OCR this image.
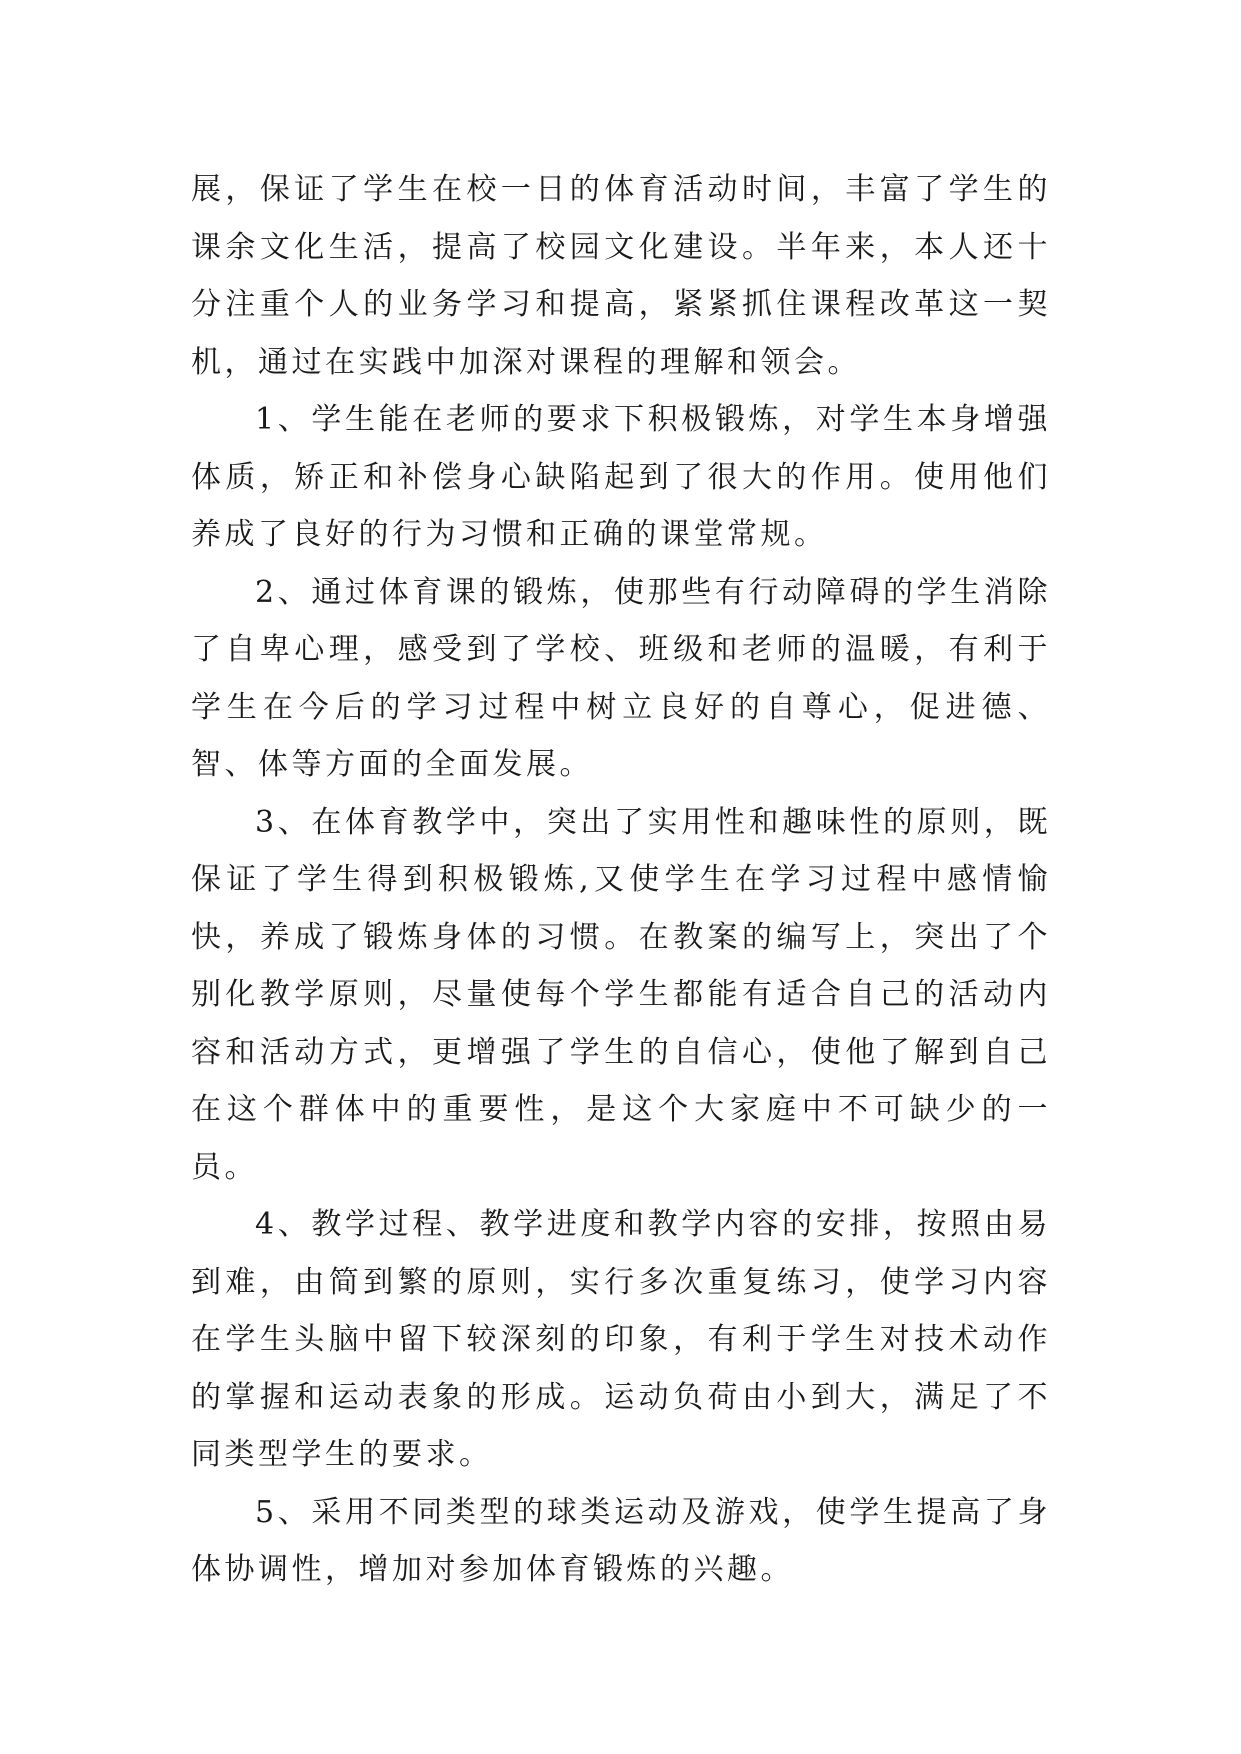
展，保证了学生在校一日的体育活动时间，丰富了学生的课余文化生活，提高了校园文化建设。半年来，本人还十分注重个人的业务学习和提高，紧紧抓住课程改革这一契机，通过在实践中加深对课程的理解和领会。

1、学生能在老师的要求下积极锻炼，对学生本身增强体质，矫正和补偿身心缺陷起到了很大的作用。使用他们养成了良好的行为习惯和正确的课堂常规。

2、通过体育课的锻炼，使那些有行动障碍的学生消除了自卑心理，感受到了学校、班级和老师的温暖，有利于学生在今后的学习过程中树立良好的自尊心，促进德、智、体等方面的全面发展。

3、在体育教学中，突出了实用性和趣味性的原则，既保证了学生得到积极锻炼,又使学生在学习过程中感情愉快，养成了锻炼身体的习惯。在教案的编写上，突出了个别化教学原则，尽量使每个学生都能有适合自己的活动内容和活动方式，更增强了学生的自信心，使他了解到自己在这个群体中的重要性，是这个大家庭中不可缺少的一员。

4、教学过程、教学进度和教学内容的安排，按照由易到难，由简到繁的原则，实行多次重复练习，使学习内容在学生头脑中留下较深刻的印象，有利于学生对技术动作的掌握和运动表象的形成。运动负荷由小到大，满足了不同类型学生的要求。

5、采用不同类型的球类运动及游戏，使学生提高了身体协调性，增加对参加体育锻炼的兴趣。
